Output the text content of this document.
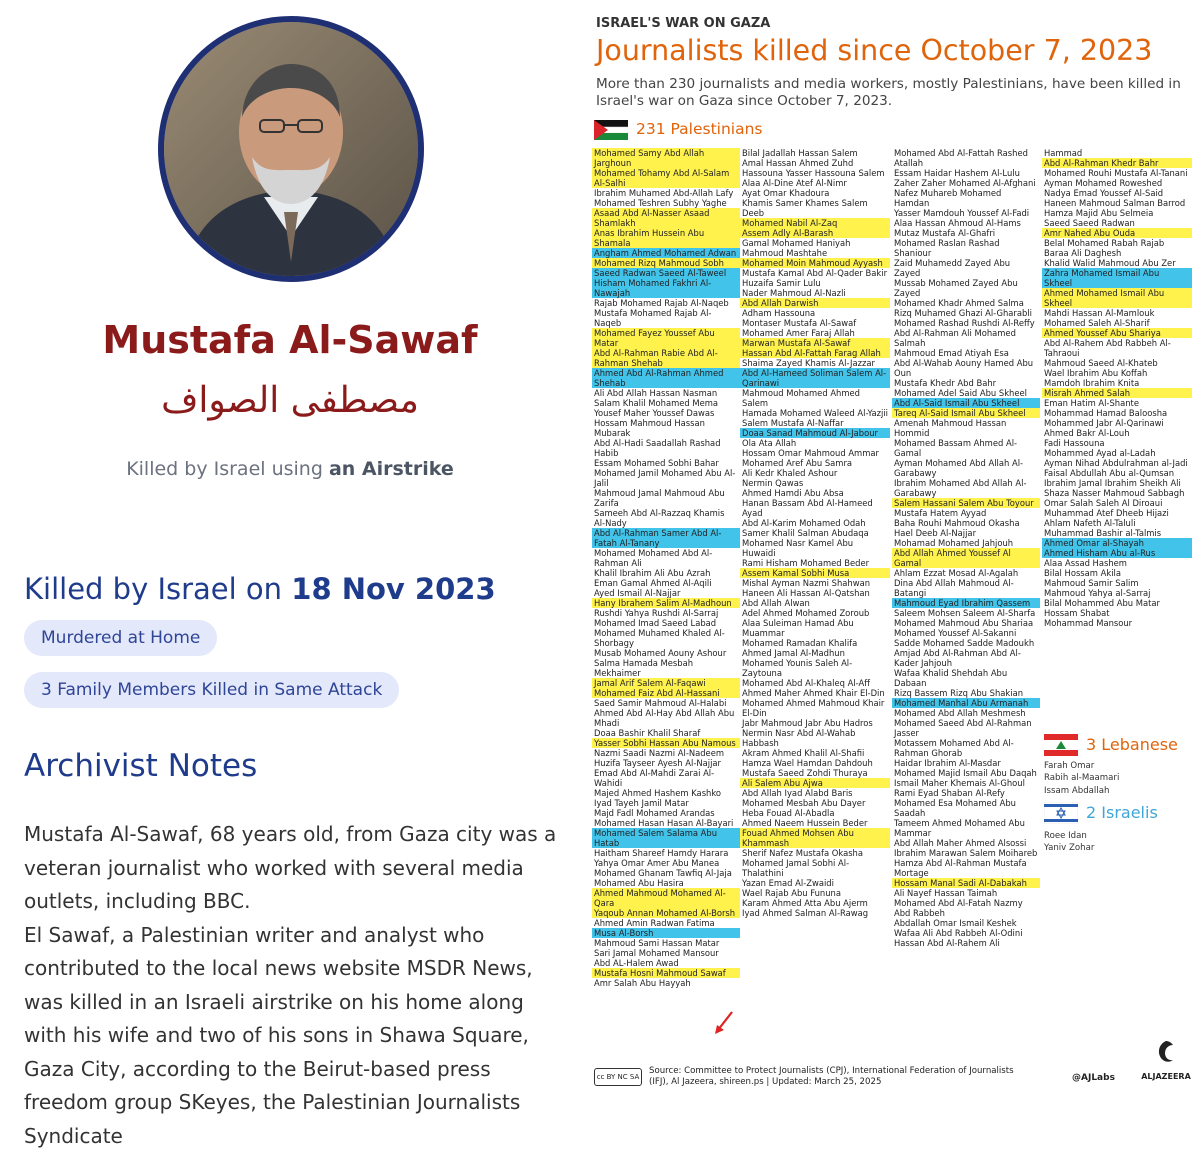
Mustafa Al-Sawaf
مصطفى الصواف
Killed by Israel using an Airstrike
Killed by Israel on 18 Nov 2023
Murdered at Home
3 Family Members Killed in Same Attack
Archivist Notes

Mustafa Al-Sawaf, 68 years old, from Gaza city was a veteran journalist who worked with several media outlets, including BBC.

El Sawaf, a Palestinian writer and analyst who contributed to the local news website MSDR News, was killed in an Israeli airstrike on his home along with his wife and two of his sons in Shawa Square, Gaza City, according to the Beirut-based press freedom group SKeyes, the Palestinian Journalists Syndicate

ISRAEL'S WAR ON GAZA
Journalists killed since October 7, 2023
More than 230 journalists and media workers, mostly Palestinians, have been killed in Israel's war on Gaza since October 7, 2023.
231 Palestinians
Mohamed Samy Abd Allah Jarghoun
Mohamed Tohamy Abd Al-Salam Al-Salhi
Ibrahim Muhamed Abd-Allah Lafy
Mohamed Teshren Subhy Yaghe
Asaad Abd Al-Nasser Asaad Shamlakh
Anas Ibrahim Hussein Abu Shamala
Angham Ahmed Mohamed Adwan
Mohamed Rizq Mahmoud Sobh
Saeed Radwan Saeed Al-Taweel
Hisham Mohamed Fakhri Al-Nawajah
Rajab Mohamed Rajab Al-Naqeb
Mustafa Mohamed Rajab Al-Naqeb
Mohamed Fayez Youssef Abu Matar
Abd Al-Rahman Rabie Abd Al-Rahman Shehab
Ahmed Abd Al-Rahman Ahmed Shehab
Ali Abd Allah Hassan Nasman
Salam Khalil Mohamed Mema
Yousef Maher Youssef Dawas
Hossam Mahmoud Hassan Mubarak
Abd Al-Hadi Saadallah Rashad Habib
Essam Mohamed Sobhi Bahar
Mohamed Jamil Mohamed Abu Al-Jalil
Mahmoud Jamal Mahmoud Abu Zarifa
Sameeh Abd Al-Razzaq Khamis Al-Nady
Abd Al-Rahman Samer Abd Al-Fatah Al-Tanany
Mohamed Mohamed Abd Al-Rahman Ali
Khalil Ibrahim Ali Abu Azrah
Eman Gamal Ahmed Al-Aqili
Ayed Ismail Al-Najjar
Hany Ibrahem Salim Al-Madhoun
Rushdi Yahya Rushdi Al-Sarraj
Mohamed Imad Saeed Labad
Mohamed Muhamed Khaled Al-Shorbagy
Musab Mohamed Aouny Ashour
Salma Hamada Mesbah Mekhaimer
Jamal Arif Salem Al-Faqawi
Mohamed Faiz Abd Al-Hassani
Saed Samir Mahmoud Al-Halabi
Ahmed Abd Al-Hay Abd Allah Abu Mhadi
Doaa Bashir Khalil Sharaf
Yasser Sobhi Hassan Abu Namous
Nazmi Saadi Nazmi Al-Nadeem
Huzifa Tayseer Ayesh Al-Najjar
Emad Abd Al-Mahdi Zarai Al-Wahidi
Majed Ahmed Hashem Kashko
Iyad Tayeh Jamil Matar
Majd Fadl Mohamed Arandas
Mohamed Hasan Hasan Al-Bayari
Mohamed Salem Salama Abu Hatab
Haitham Shareef Hamdy Harara
Yahya Omar Amer Abu Manea
Mohamed Ghanam Tawfiq Al-Jaja
Mohamed Abu Hasira
Ahmed Mahmoud Mohamed Al-Qara
Yaqoub Annan Mohamed Al-Borsh
Ahmed Amin Radwan Fatima
Musa Al-Borsh
Mahmoud Sami Hassan Matar
Sari Jamal Mohamed Mansour
Abd AL-Halem Awad
Mustafa Hosni Mahmoud Sawaf
Amr Salah Abu Hayyah
Bilal Jadallah Hassan Salem
Amal Hassan Ahmed Zuhd
Hassouna Yasser Hassouna Salem
Alaa Al-Dine Atef Al-Nimr
Ayat Omar Khadoura
Khamis Samer Khames Salem Deeb
Mohamed Nabil Al-Zaq
Assem Adly Al-Barash
Gamal Mohamed Haniyah
Mahmoud Mashtahe
Mohamed Moin Mahmoud Ayyash
Mustafa Kamal Abd Al-Qader Bakir
Huzaifa Samir Lulu
Nader Mahmoud Al-Nazli
Abd Allah Darwish
Adham Hassouna
Montaser Mustafa Al-Sawaf
Mohamed Amer Faraj Allah
Marwan Mustafa Al-Sawaf
Hassan Abd Al-Fattah Farag Allah
Shaima Zayed Khamis Al-Jazzar
Abd Al-Hameed Soliman Salem Al-Qarinawi
Mahmoud Mohamed Ahmed Salem
Hamada Mohamed Waleed Al-Yazjii
Salem Mustafa Al-Naffar
Doaa Sanad Mahmoud Al-Jabour
Ola Ata Allah
Hossam Omar Mahmoud Ammar
Mohamed Aref Abu Samra
Ali Kedr Khaled Ashour
Nermin Qawas
Ahmed Hamdi Abu Absa
Hanan Bassam Abd Al-Hameed Ayad
Abd Al-Karim Mohamed Odah
Samer Khalil Salman Abudaqa
Mohamed Nasr Kamel Abu Huwaidi
Rami Hisham Mohamed Beder
Assem Kamal Sobhi Musa
Mishal Ayman Nazmi Shahwan
Haneen Ali Hassan Al-Qatshan
Abd Allah Alwan
Adel Ahmed Mohamed Zoroub
Alaa Suleiman Hamad Abu Muammar
Mohamed Ramadan Khalifa
Ahmed Jamal Al-Madhun
Mohamed Younis Saleh Al-Zaytouna
Mohamed Abd Al-Khaleq Al-Aff
Ahmed Maher Ahmed Khair El-Din
Mohamed Ahmed Mahmoud Khair El-Din
Jabr Mahmoud Jabr Abu Hadros
Nermin Nasr Abd Al-Wahab Habbash
Akram Ahmed Khalil Al-Shafii
Hamza Wael Hamdan Dahdouh
Mustafa Saeed Zohdi Thuraya
Ali Salem Abu Ajwa
Abd Allah Iyad Alabd Baris
Mohamed Mesbah Abu Dayer
Heba Fouad Al-Abadla
Ahmed Naeem Hussein Beder
Fouad Ahmed Mohsen Abu Khammash
Sherif Nafez Mustafa Okasha
Mohamed Jamal Sobhi Al-Thalathini
Yazan Emad Al-Zwaidi
Wael Rajab Abu Fununa
Karam Ahmed Atta Abu Ajerm
Iyad Ahmed Salman Al-Rawag
Mohamed Abd Al-Fattah Rashed Atallah
Essam Haidar Hashem Al-Lulu
Zaher Zaher Mohamed Al-Afghani
Nafez Muhareb Mohamed Hamdan
Yasser Mamdouh Youssef Al-Fadi
Alaa Hassan Ahmoud Al-Hams
Mutaz Mustafa Al-Ghafri
Mohamed Raslan Rashad Shaniour
Zaid Muhamedd Zayed Abu Zayed
Mussab Mohamed Zayed Abu Zayed
Mohamed Khadr Ahmed Salma
Rizq Muhamed Ghazi Al-Gharabli
Mohamed Rashad Rushdi Al-Reffy
Abd Al-Rahman Ali Mohamed Salmah
Mahmoud Emad Atiyah Esa
Abd Al-Wahab Aouny Hamed Abu Oun
Mustafa Khedr Abd Bahr
Mohamed Adel Said Abu Skheel
Abd Al-Said Ismail Abu Skheel
Tareq Al-Said Ismail Abu Skheel
Amenah Mahmoud Hassan Hommid
Mohamed Bassam Ahmed Al-Gamal
Ayman Mohamed Abd Allah Al-Garabawy
Ibrahim Mohamed Abd Allah Al-Garabawy
Salem Hassani Salem Abu Toyour
Mustafa Hatem Ayyad
Baha Rouhi Mahmoud Okasha
Hael Deeb Al-Najjar
Mohamad Mohamed Jahjouh
Abd Allah Ahmed Youssef Al Gamal
Ahlam Ezzat Mosad Al-Agalah
Dina Abd Allah Mahmoud Al-Batangi
Mahmoud Eyad Ibrahim Qassem
Saleem Mohsen Saleem Al-Sharfa
Mohamed Mahmoud Abu Shariaa
Mohamed Youssef Al-Sakanni
Sadde Mohamed Sadde Madoukh
Amjad Abd Al-Rahman Abd Al-Kader Jahjouh
Wafaa Khalid Shehdah Abu Dabaan
Rizq Bassem Rizq Abu Shakian
Mohamed Manhal Abu Armanah
Mohamed Abd Allah Meshmesh
Mohamed Saeed Abd Al-Rahman Jasser
Motassem Mohamed Abd Al-Rahman Ghorab
Haidar Ibrahim Al-Masdar
Mohamed Majid Ismail Abu Daqah
Ismail Maher Khemais Al-Ghoul
Rami Eyad Shaban Al-Refy
Mohamed Esa Mohamed Abu Saadah
Tameem Ahmed Mohamed Abu Mammar
Abd Allah Maher Ahmed Alsossi
Ibrahim Marawan Salem Moihareb
Hamza Abd Al-Rahman Mustafa Mortage
Hossam Manal Sadi Al-Dabakah
Ali Nayef Hassan Taimah
Mohamed Abd Al-Fatah Nazmy Abd Rabbeh
Abdallah Omar Ismail Keshek
Wafaa Ali Abd Rabbeh Al-Odini
Hassan Abd Al-Rahem Ali
Hammad
Abd Al-Rahman Khedr Bahr
Mohamed Rouhi Mustafa Al-Tanani
Ayman Mohamed Roweshed
Nadya Emad Youssef Al-Said
Haneen Mahmoud Salman Barrod
Hamza Majid Abu Selmeia
Saeed Saeed Radwan
Amr Nahed Abu Ouda
Belal Mohamed Rabah Rajab
Baraa Ali Daghesh
Khalid Walid Mahmoud Abu Zer
Zahra Mohamed Ismail Abu Skheel
Ahmed Mohamed Ismail Abu Skheel
Mahdi Hassan Al-Mamlouk
Mohamed Saleh Al-Sharif
Ahmed Youssef Abu Shariya
Abd Al-Rahem Abd Rabbeh Al-Tahraoui
Mahmoud Saeed Al-Khateb
Wael Ibrahim Abu Koffah
Mamdoh Ibrahim Knita
Misrah Ahmed Salah
Eman Hatim Al-Shante
Mohammad Hamad Baloosha
Mohammed Jabr Al-Qarinawi
Ahmed Bakr Al-Louh
Fadi Hassouna
Mohammed Ayad al-Ladah
Ayman Nihad Abdulrahman al-Jadi
Faisal Abdullah Abu al-Qumsan
Ibrahim Jamal Ibrahim Sheikh Ali
Shaza Nasser Mahmoud Sabbagh
Omar Salah Saleh Al Diroaui
Muhammad Atef Dheeb Hijazi
Ahlam Nafeth Al-Taluli
Muhammad Bashir al-Talmis
Ahmed Omar al-Shayah
Ahmed Hisham Abu al-Rus
Alaa Assad Hashem
Bilal Hossam Akila
Mahmoud Samir Salim
Mahmoud Yahya al-Sarraj
Bilal Mohammed Abu Matar
Hossam Shabat
Mohammad Mansour
3 Lebanese
Farah Omar
Rabih al-Maamari
Issam Abdallah
2 Israelis
Roee Idan
Yaniv Zohar
cc BY NC SA
Source: Committee to Protect Journalists (CPJ), International Federation of Journalists (IFJ), Al Jazeera, shireen.ps | Updated: March 25, 2025	@AJLabs	ALJAZEERA
